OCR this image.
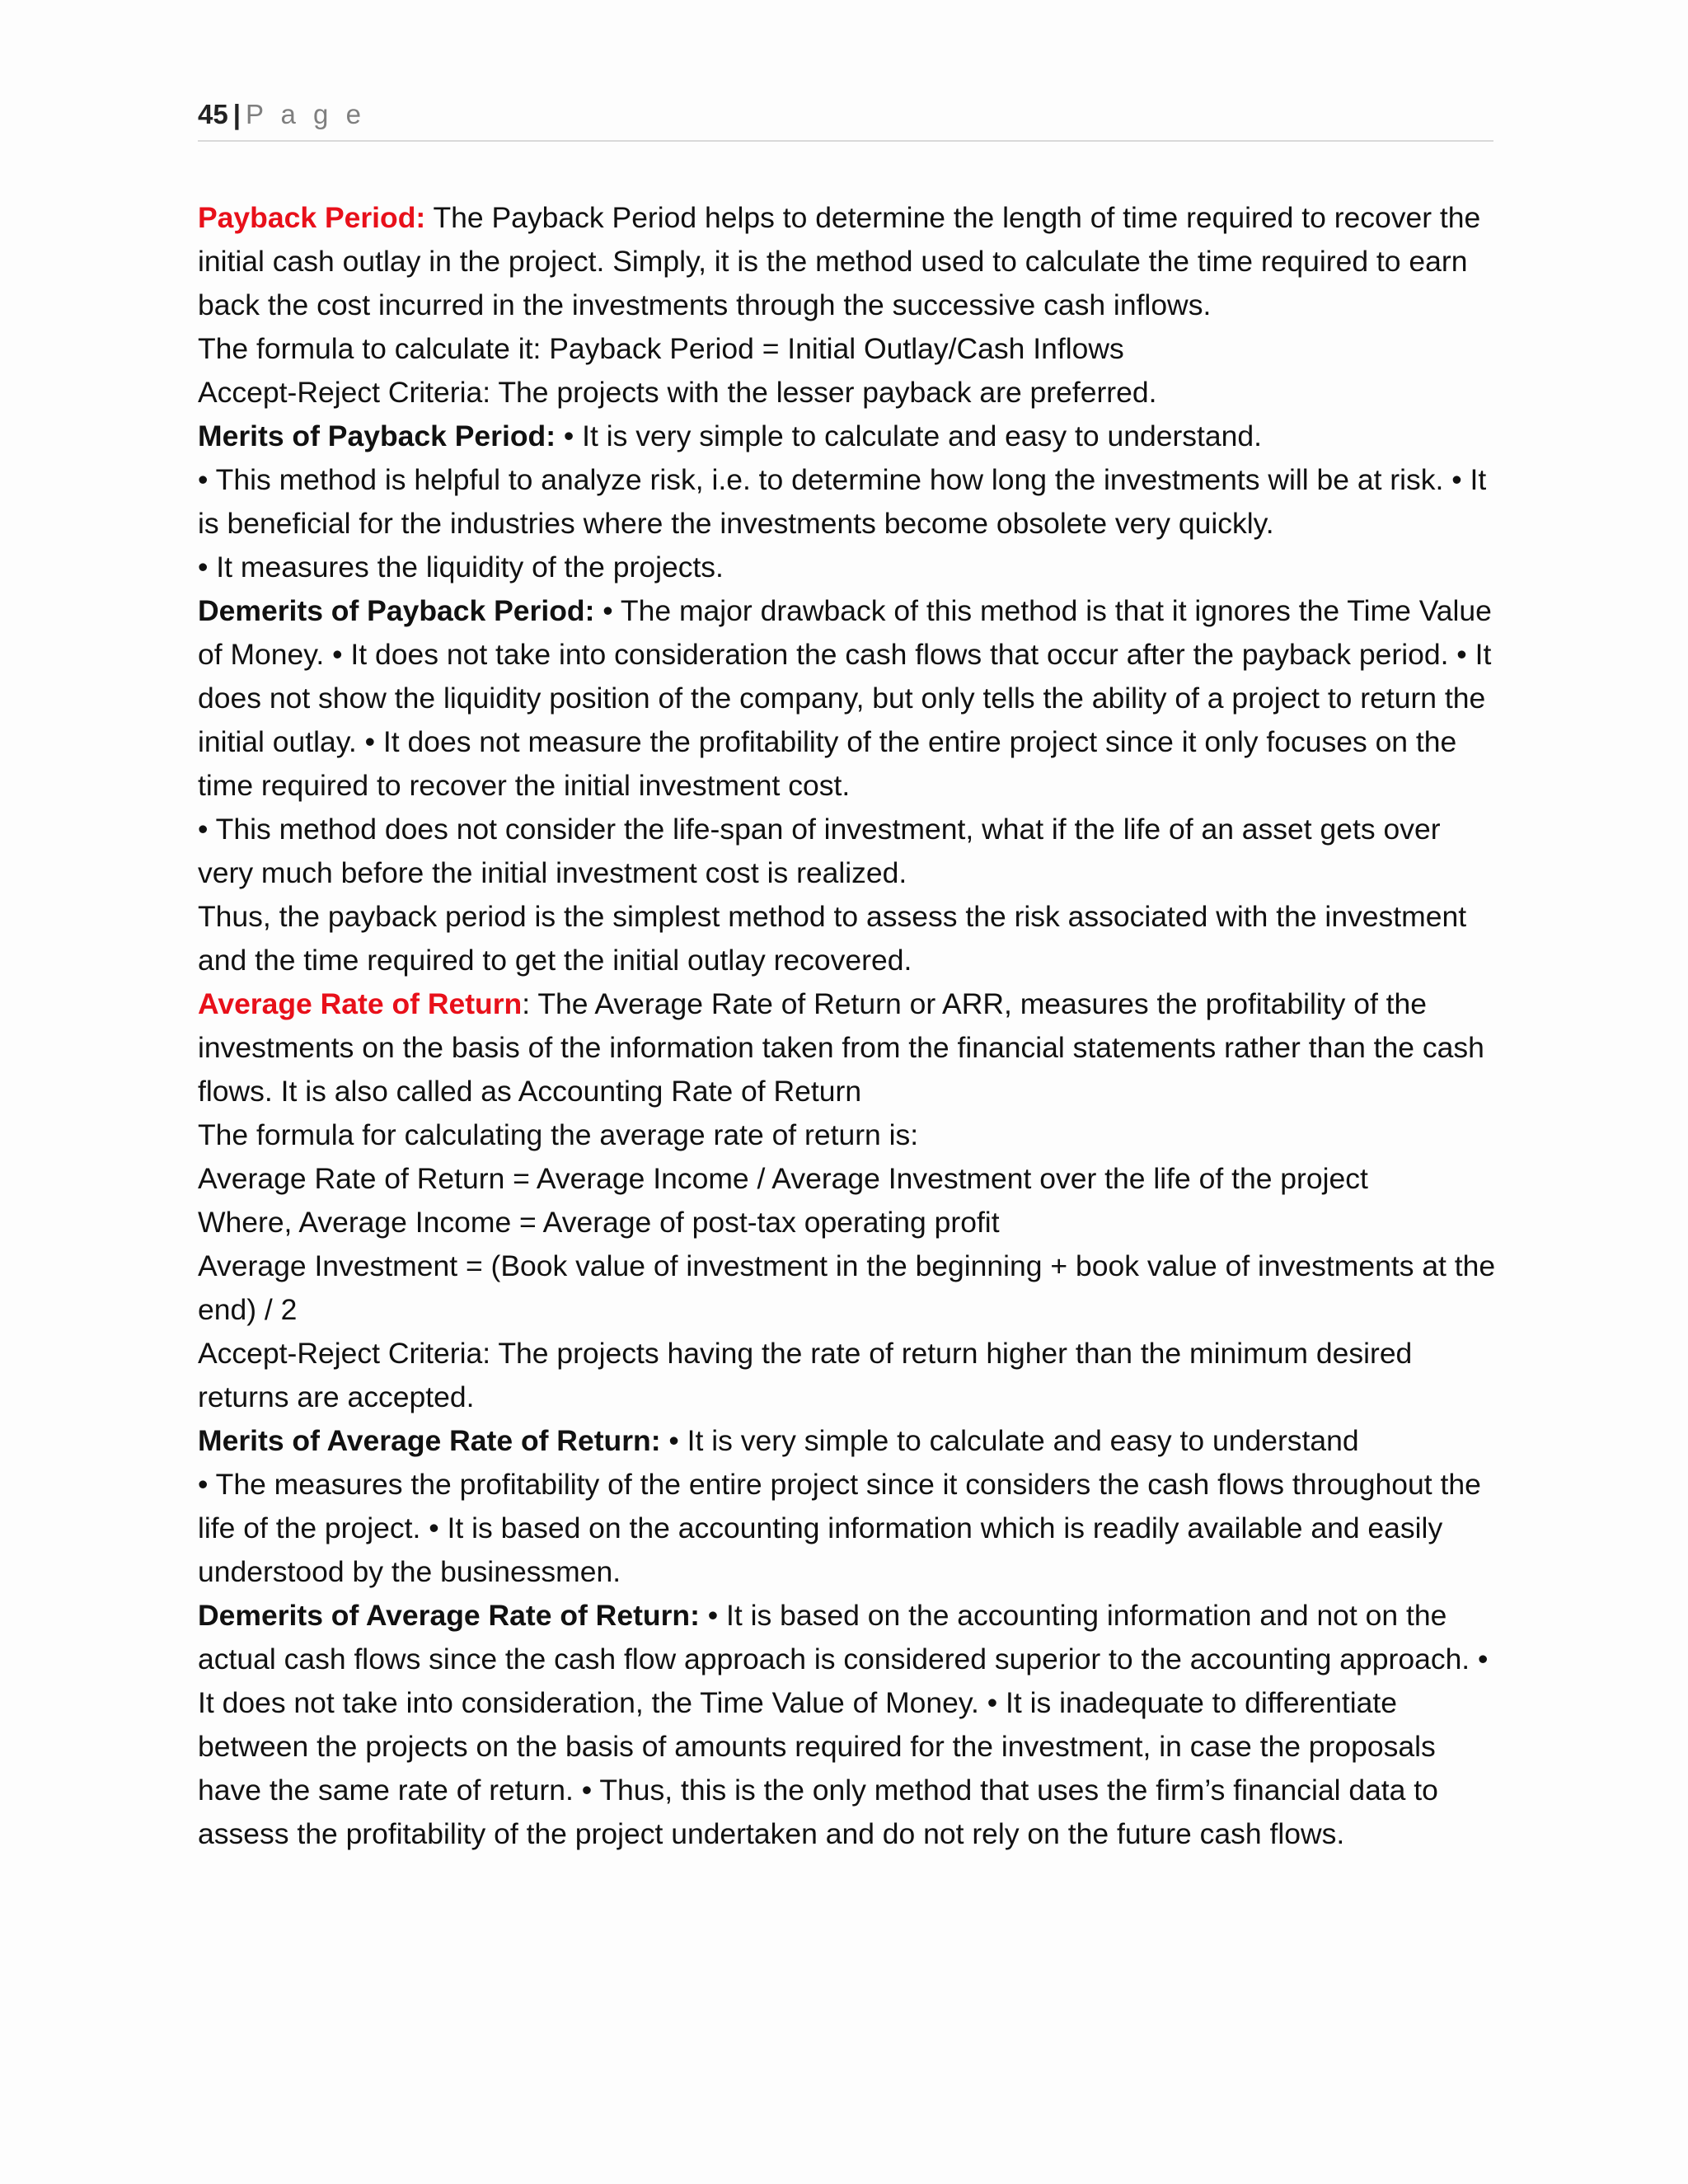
45 | P a g e

Payback Period: The Payback Period helps to determine the length of time required to recover the initial cash outlay in the project. Simply, it is the method used to calculate the time required to earn back the cost incurred in the investments through the successive cash inflows.

The formula to calculate it: Payback Period = Initial Outlay/Cash Inflows

Accept-Reject Criteria: The projects with the lesser payback are preferred.

Merits of Payback Period: • It is very simple to calculate and easy to understand.

• This method is helpful to analyze risk, i.e. to determine how long the investments will be at risk. • It is beneficial for the industries where the investments become obsolete very quickly.

• It measures the liquidity of the projects.

Demerits of Payback Period: • The major drawback of this method is that it ignores the Time Value of Money. • It does not take into consideration the cash flows that occur after the payback period. • It does not show the liquidity position of the company, but only tells the ability of a project to return the initial outlay. • It does not measure the profitability of the entire project since it only focuses on the time required to recover the initial investment cost.

• This method does not consider the life-span of investment, what if the life of an asset gets over very much before the initial investment cost is realized.

Thus, the payback period is the simplest method to assess the risk associated with the investment and the time required to get the initial outlay recovered.

Average Rate of Return: The Average Rate of Return or ARR, measures the profitability of the investments on the basis of the information taken from the financial statements rather than the cash flows. It is also called as Accounting Rate of Return

The formula for calculating the average rate of return is:

Average Rate of Return = Average Income / Average Investment over the life of the project

Where, Average Income = Average of post-tax operating profit

Average Investment = (Book value of investment in the beginning + book value of investments at the end) / 2

Accept-Reject Criteria: The projects having the rate of return higher than the minimum desired returns are accepted.

Merits of Average Rate of Return: • It is very simple to calculate and easy to understand

• The measures the profitability of the entire project since it considers the cash flows throughout the life of the project. • It is based on the accounting information which is readily available and easily understood by the businessmen.

Demerits of Average Rate of Return: • It is based on the accounting information and not on the actual cash flows since the cash flow approach is considered superior to the accounting approach. • It does not take into consideration, the Time Value of Money. • It is inadequate to differentiate between the projects on the basis of amounts required for the investment, in case the proposals have the same rate of return. • Thus, this is the only method that uses the firm’s financial data to assess the profitability of the project undertaken and do not rely on the future cash flows.
